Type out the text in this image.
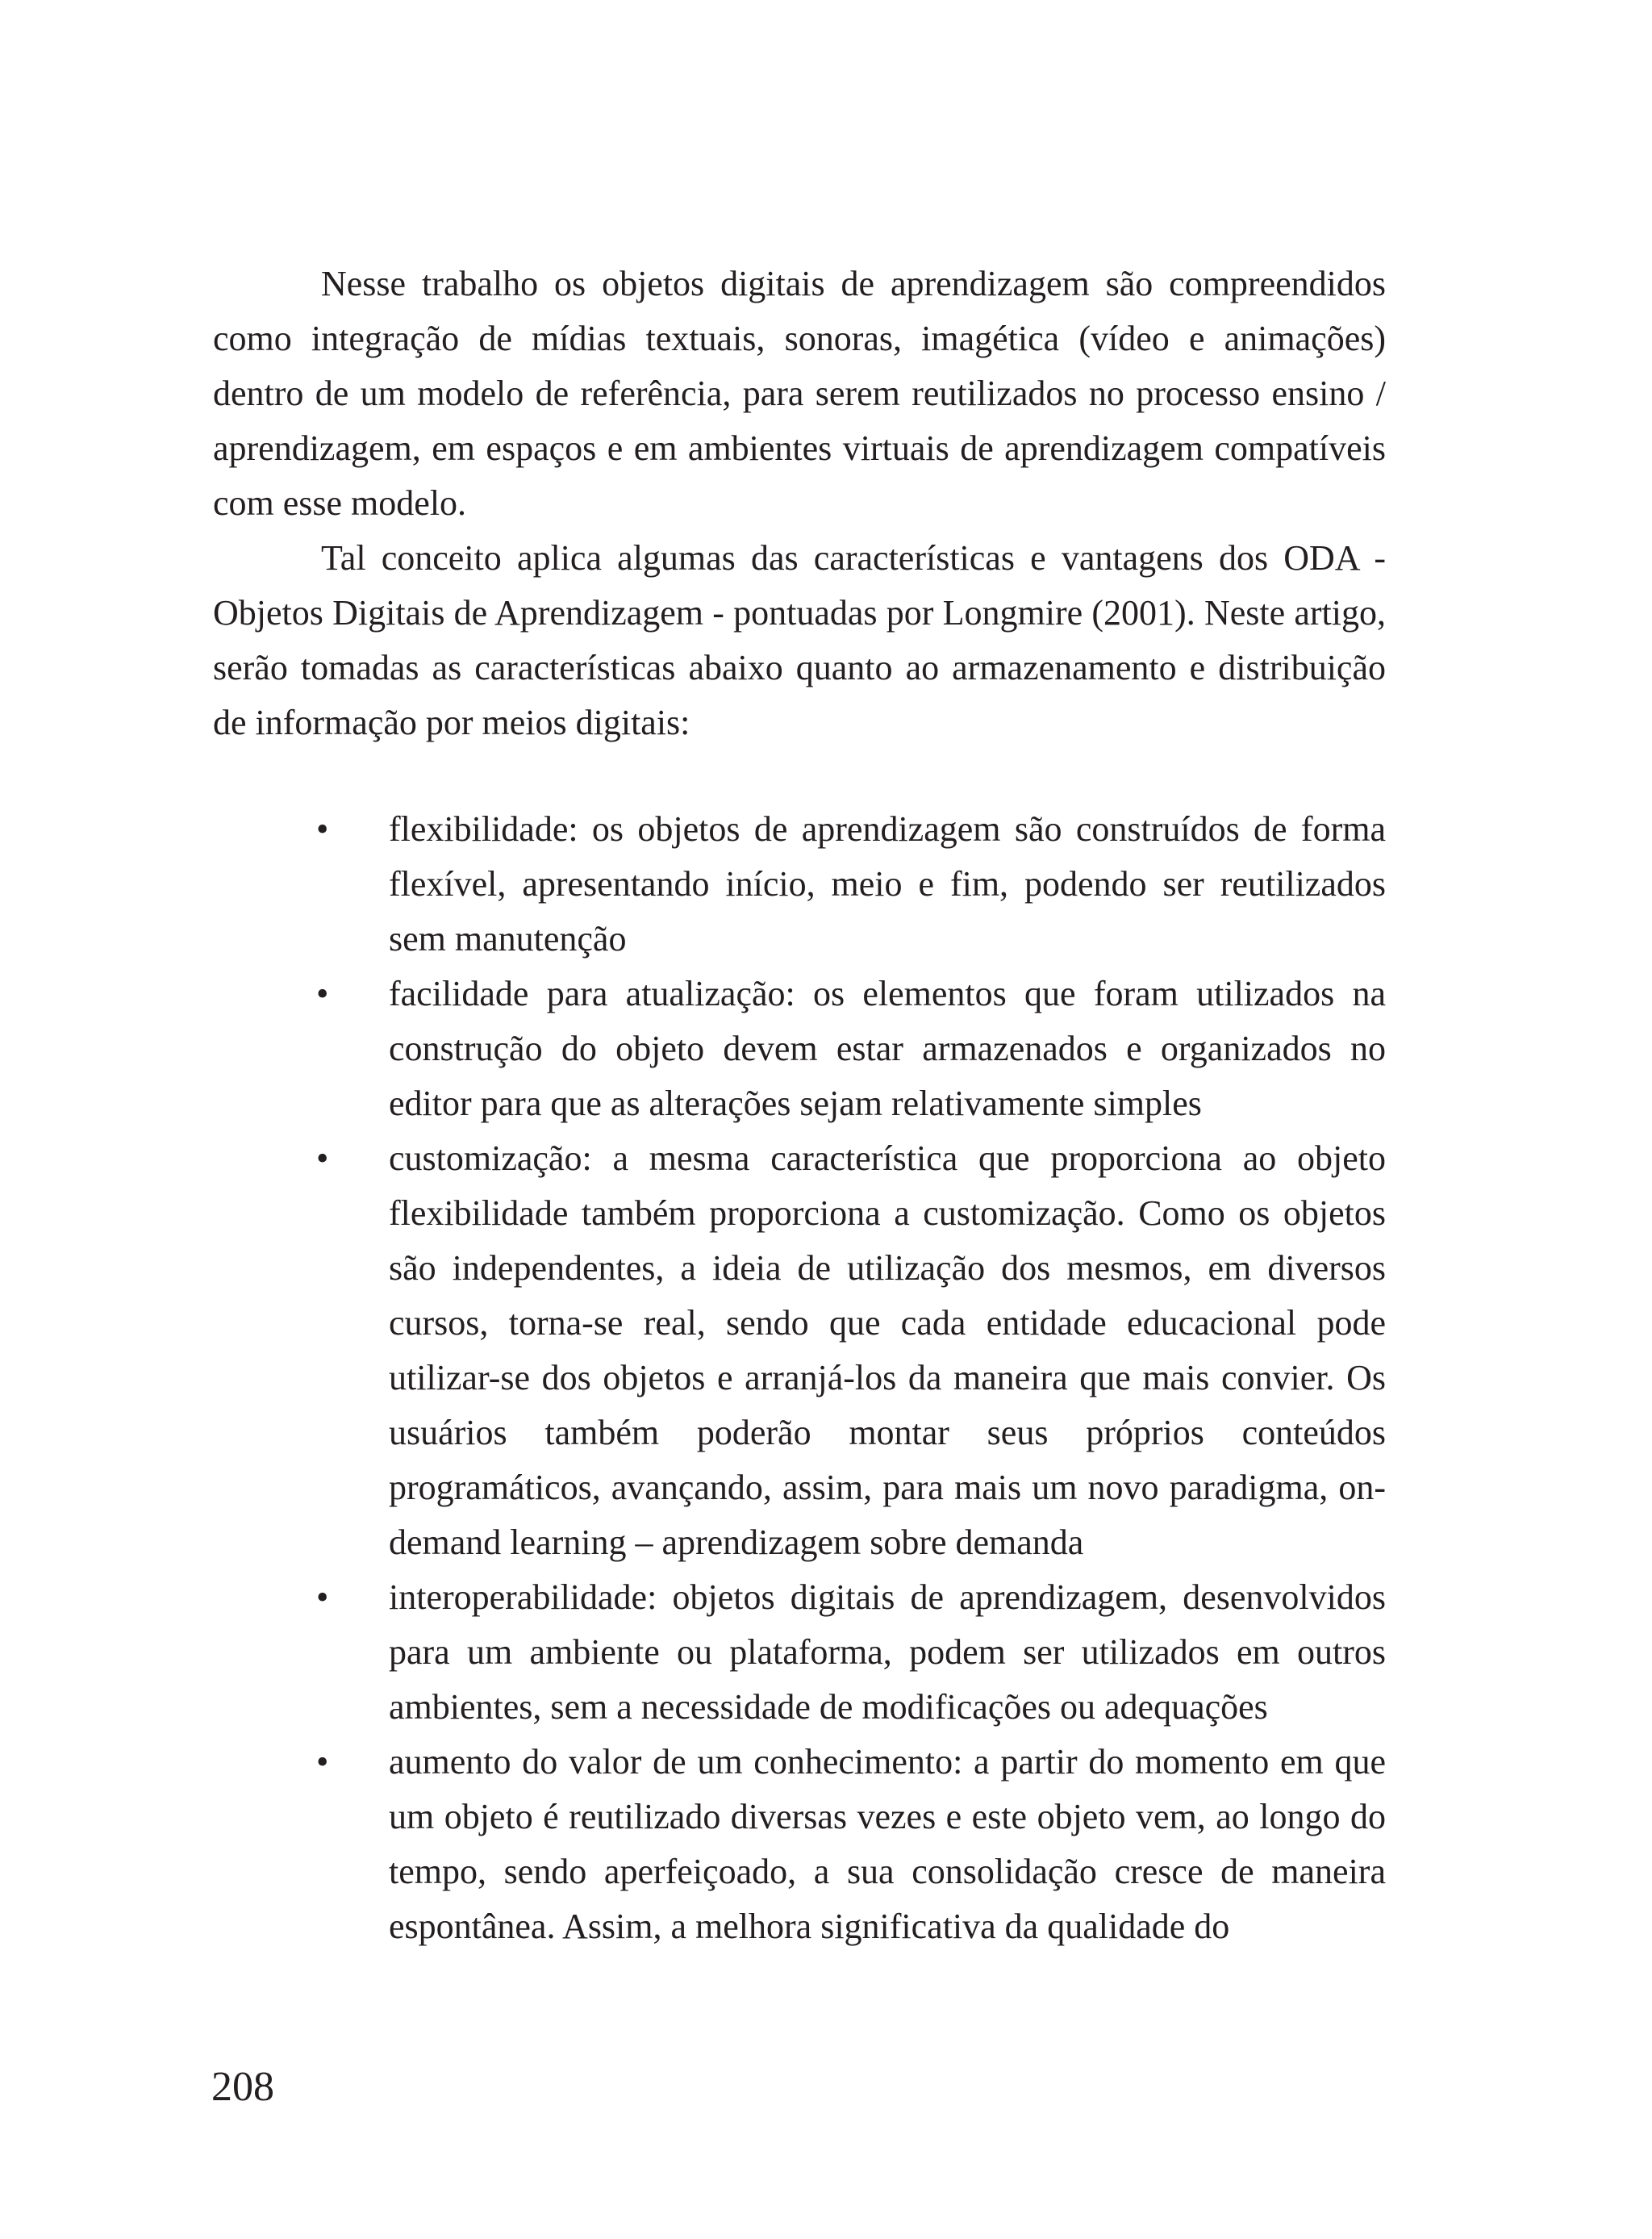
Nesse trabalho os objetos digitais de aprendizagem são compreendidos como integração de mídias textuais, sonoras, imagética (vídeo e animações) dentro de um modelo de referência, para serem reutilizados no processo ensino / aprendizagem, em espaços e em ambientes virtuais de aprendizagem compatíveis com esse modelo.

Tal conceito aplica algumas das características e vantagens dos ODA - Objetos Digitais de Aprendizagem - pontuadas por Longmire (2001). Neste artigo, serão tomadas as características abaixo quanto ao armazenamento e distribuição de informação por meios digitais:

• flexibilidade: os objetos de aprendizagem são construídos de forma flexível, apresentando início, meio e fim, podendo ser reutilizados sem manutenção
• facilidade para atualização: os elementos que foram utilizados na construção do objeto devem estar armazenados e organizados no editor para que as alterações sejam relativamente simples
• customização: a mesma característica que proporciona ao objeto flexibilidade também proporciona a customização. Como os objetos são independentes, a ideia de utilização dos mesmos, em diversos cursos, torna-se real, sendo que cada entidade educacional pode utilizar-se dos objetos e arranjá-los da maneira que mais convier. Os usuários também poderão montar seus próprios conteúdos programáticos, avançando, assim, para mais um novo paradigma, on-demand learning – aprendizagem sobre demanda
• interoperabilidade: objetos digitais de aprendizagem, desenvolvidos para um ambiente ou plataforma, podem ser utilizados em outros ambientes, sem a necessidade de modificações ou adequações
• aumento do valor de um conhecimento: a partir do momento em que um objeto é reutilizado diversas vezes e este objeto vem, ao longo do tempo, sendo aperfeiçoado, a sua consolidação cresce de maneira espontânea. Assim, a melhora significativa da qualidade do
208
